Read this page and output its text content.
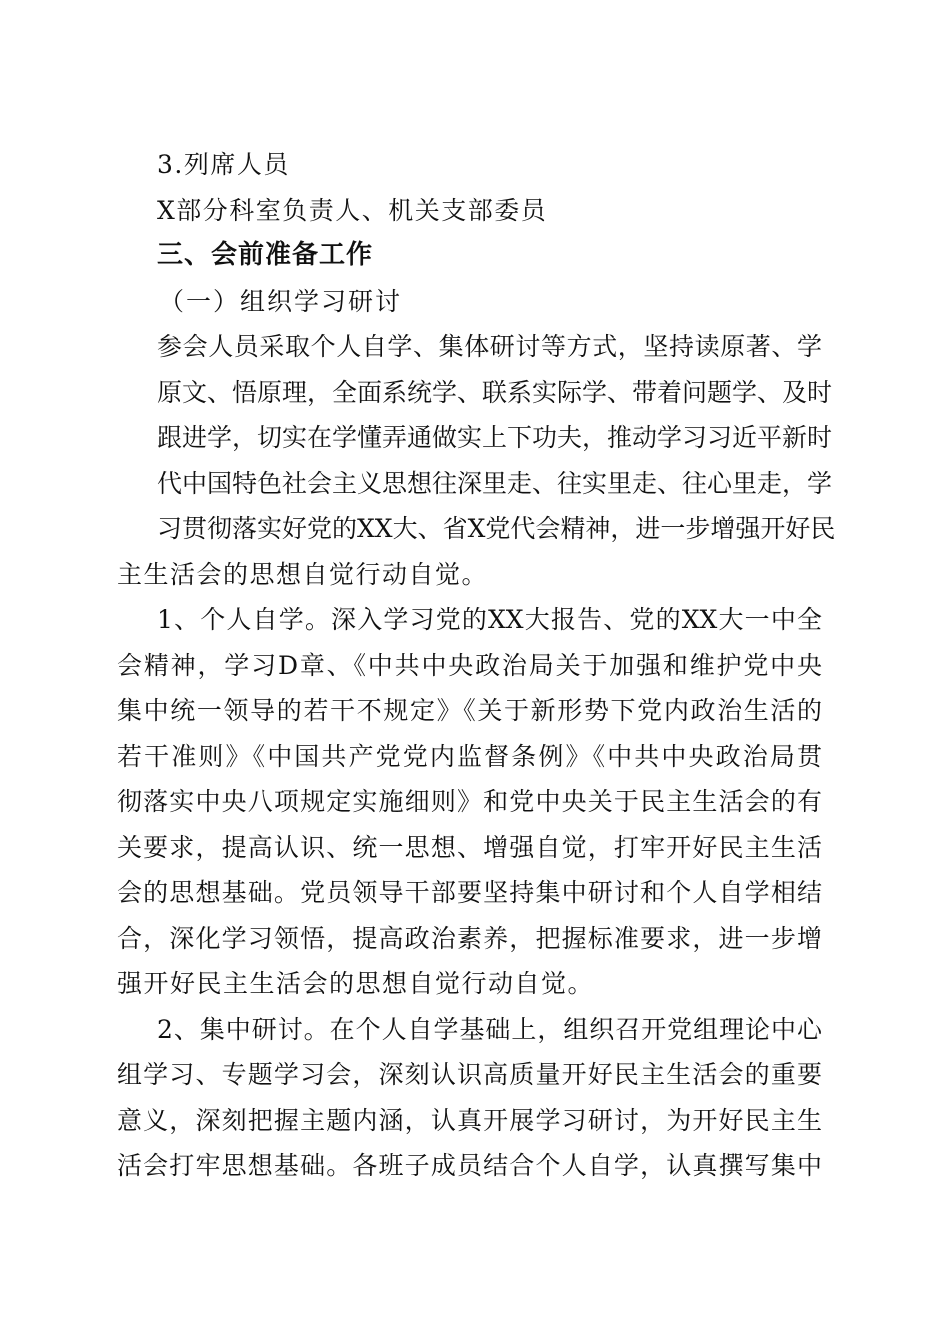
3.列席人员
X部分科室负责人、机关支部委员
三、会前准备工作
（一）组织学习研讨
参会人员采取个人自学、集体研讨等方式，坚持读原著、学
原文、悟原理，全面系统学、联系实际学、带着问题学、及时
跟进学，切实在学懂弄通做实上下功夫，推动学习习近平新时
代中国特色社会主义思想往深里走、往实里走、往心里走，学
习贯彻落实好党的XX大、省X党代会精神，进一步增强开好民
主生活会的思想自觉行动自觉。
1、个人自学。深入学习党的XX大报告、党的XX大一中全
会精神，学习D章、《中共中央政治局关于加强和维护党中央
集中统一领导的若干不规定》《关于新形势下党内政治生活的
若干准则》《中国共产党党内监督条例》《中共中央政治局贯
彻落实中央八项规定实施细则》和党中央关于民主生活会的有
关要求，提高认识、统一思想、增强自觉，打牢开好民主生活
会的思想基础。党员领导干部要坚持集中研讨和个人自学相结
合，深化学习领悟，提高政治素养，把握标准要求，进一步增
强开好民主生活会的思想自觉行动自觉。
2、集中研讨。在个人自学基础上，组织召开党组理论中心
组学习、专题学习会，深刻认识高质量开好民主生活会的重要
意义，深刻把握主题内涵，认真开展学习研讨，为开好民主生
活会打牢思想基础。各班子成员结合个人自学，认真撰写集中
